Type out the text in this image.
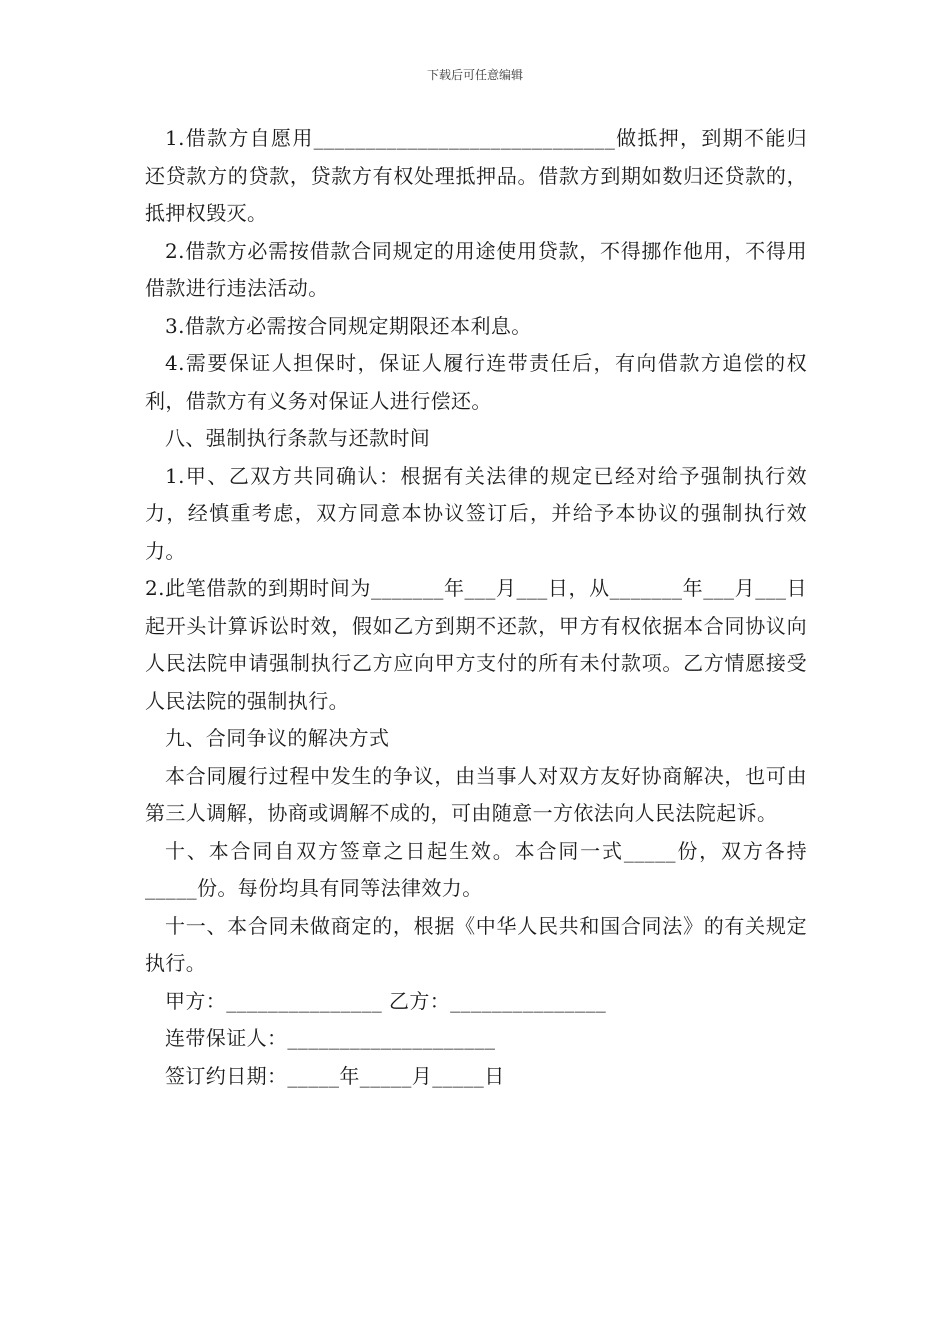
下载后可任意编辑

1.借款方自愿用_____________________________做抵押，到期不能归还贷款方的贷款，贷款方有权处理抵押品。借款方到期如数归还贷款的，抵押权毁灭。

2.借款方必需按借款合同规定的用途使用贷款，不得挪作他用，不得用借款进行违法活动。

3.借款方必需按合同规定期限还本利息。

4.需要保证人担保时，保证人履行连带责任后，有向借款方追偿的权利，借款方有义务对保证人进行偿还。

八、强制执行条款与还款时间

1.甲、乙双方共同确认：根据有关法律的规定已经对给予强制执行效力，经慎重考虑，双方同意本协议签订后，并给予本协议的强制执行效力。

2.此笔借款的到期时间为_______年___月___日，从_______年___月___日起开头计算诉讼时效，假如乙方到期不还款，甲方有权依据本合同协议向人民法院申请强制执行乙方应向甲方支付的所有未付款项。乙方情愿接受人民法院的强制执行。

九、合同争议的解决方式

本合同履行过程中发生的争议，由当事人对双方友好协商解决，也可由第三人调解，协商或调解不成的，可由随意一方依法向人民法院起诉。

十、本合同自双方签章之日起生效。本合同一式_____份，双方各持_____份。每份均具有同等法律效力。

十一、本合同未做商定的，根据《中华人民共和国合同法》的有关规定执行。

甲方：_______________ 乙方：_______________

连带保证人：____________________

签订约日期：_____年_____月_____日
